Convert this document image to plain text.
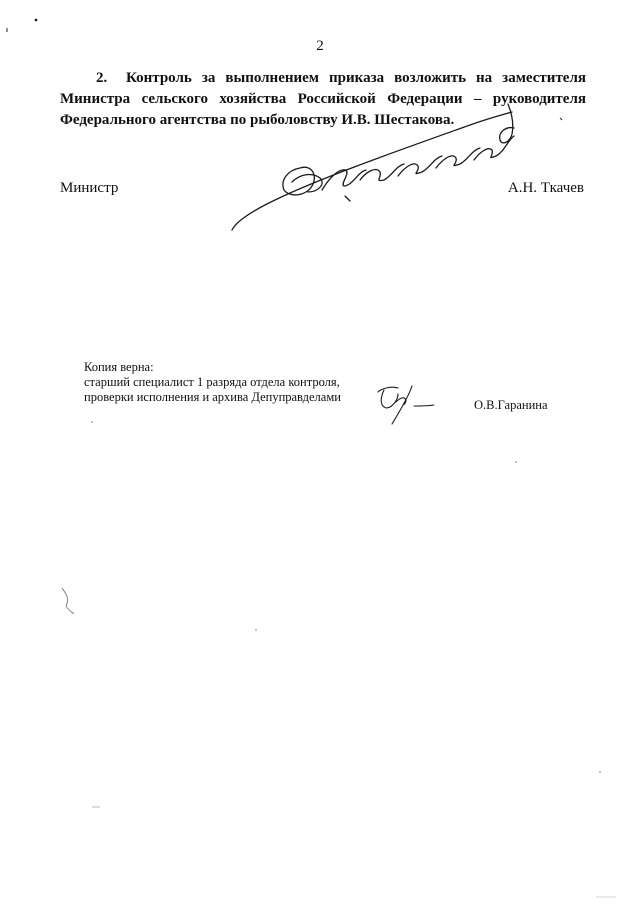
2
2. Контроль за выполнением приказа возложить на заместителя
Министра сельского хозяйства Российской Федерации – руководителя
Федерального агентства по рыболовству И.В. Шестакова.
Министр	А.Н. Ткачев
Копия верна:
старший специалист 1 разряда отдела контроля,
проверки исполнения и архива Депуправделами
О.В.Гаранина
